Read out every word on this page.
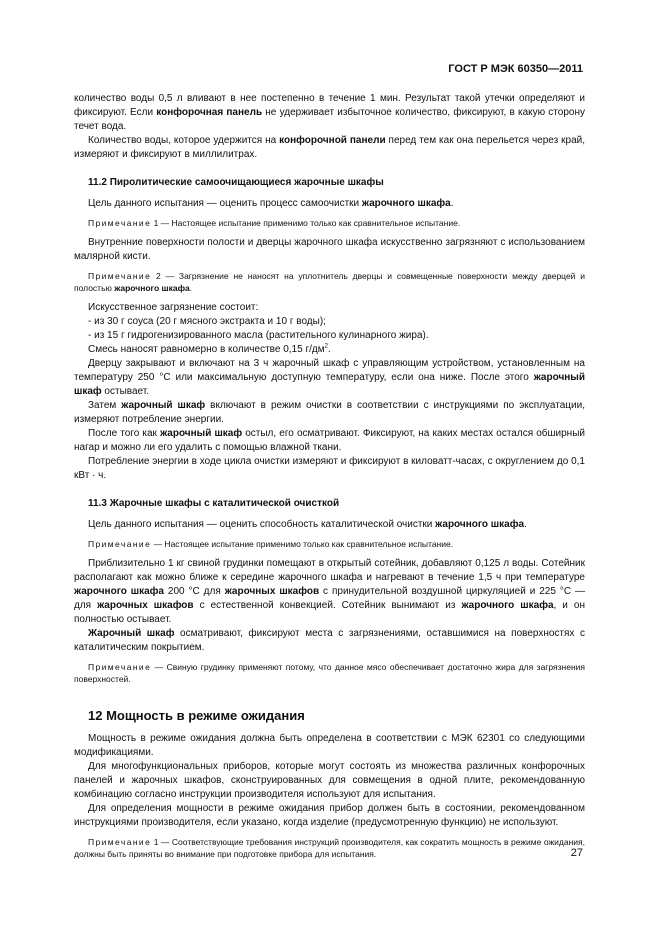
ГОСТ Р МЭК 60350—2011

количество воды 0,5 л вливают в нее постепенно в течение 1 мин. Результат такой утечки определяют и фиксируют. Если конфорочная панель не удерживает избыточное количество, фиксируют, в какую сторону течет вода.

Количество воды, которое удержится на конфорочной панели перед тем как она перельется через край, измеряют и фиксируют в миллилитрах.

11.2 Пиролитические самоочищающиеся жарочные шкафы

Цель данного испытания — оценить процесс самоочистки жарочного шкафа.

Примечание 1 — Настоящее испытание применимо только как сравнительное испытание.

Внутренние поверхности полости и дверцы жарочного шкафа искусственно загрязняют с использованием малярной кисти.

Примечание 2 — Загрязнение не наносят на уплотнитель дверцы и совмещенные поверхности между дверцей и полостью жарочного шкафа.

Искусственное загрязнение состоит:

- из 30 г соуса (20 г мясного экстракта и 10 г воды);

- из 15 г гидрогенизированного масла (растительного кулинарного жира).

Смесь наносят равномерно в количестве 0,15 $г/дм^2$.

Дверцу закрывают и включают на 3 ч жарочный шкаф с управляющим устройством, установленным на температуру 250 °С или максимальную доступную температуру, если она ниже. После этого жарочный шкаф остывает.

Затем жарочный шкаф включают в режим очистки в соответствии с инструкциями по эксплуатации, измеряют потребление энергии.

После того как жарочный шкаф остыл, его осматривают. Фиксируют, на каких местах остался обширный нагар и можно ли его удалить с помощью влажной ткани.

Потребление энергии в ходе цикла очистки измеряют и фиксируют в киловатт-часах, с округлением до 0,1 кВт · ч.

11.3 Жарочные шкафы с каталитической очисткой

Цель данного испытания — оценить способность каталитической очистки жарочного шкафа.

Примечание — Настоящее испытание применимо только как сравнительное испытание.

Приблизительно 1 кг свиной грудинки помещают в открытый сотейник, добавляют 0,125 л воды. Сотейник располагают как можно ближе к середине жарочного шкафа и нагревают в течение 1,5 ч при температуре жарочного шкафа 200 °С для жарочных шкафов с принудительной воздушной циркуляцией и 225 °С — для жарочных шкафов с естественной конвекцией. Сотейник вынимают из жарочного шкафа, и он полностью остывает.

Жарочный шкаф осматривают, фиксируют места с загрязнениями, оставшимися на поверхностях с каталитическим покрытием.

Примечание — Свиную грудинку применяют потому, что данное мясо обеспечивает достаточно жира для загрязнения поверхностей.
12 Мощность в режиме ожидания

Мощность в режиме ожидания должна быть определена в соответствии с МЭК 62301 со следующими модификациями.

Для многофункциональных приборов, которые могут состоять из множества различных конфорочных панелей и жарочных шкафов, сконструированных для совмещения в одной плите, рекомендованную комбинацию согласно инструкции производителя используют для испытания.

Для определения мощности в режиме ожидания прибор должен быть в состоянии, рекомендованном инструкциями производителя, если указано, когда изделие (предусмотренную функцию) не используют.

Примечание 1 — Соответствующие требования инструкций производителя, как сократить мощность в режиме ожидания, должны быть приняты во внимание при подготовке прибора для испытания.	27
